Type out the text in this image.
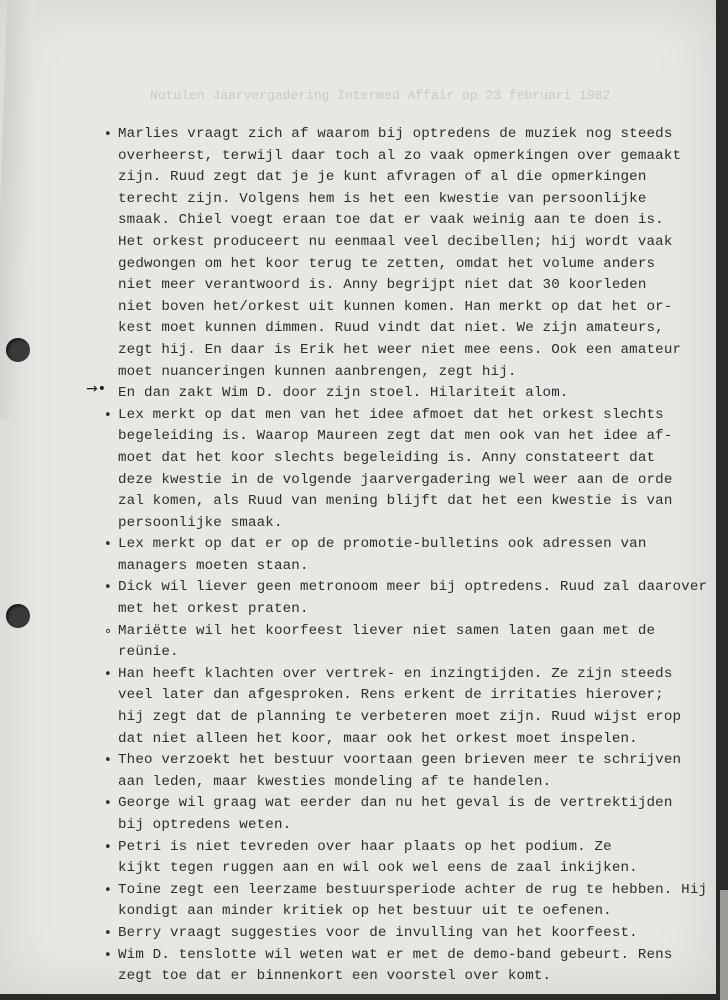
Notulen Jaarvergadering Intermed Affair op 23 februari 1982
→•
• Marlies vraagt zich af waarom bij optredens de muziek nog steeds
overheerst, terwijl daar toch al zo vaak opmerkingen over gemaakt
zijn. Ruud zegt dat je je kunt afvragen of al die opmerkingen
terecht zijn. Volgens hem is het een kwestie van persoonlijke
smaak. Chiel voegt eraan toe dat er vaak weinig aan te doen is.
Het orkest produceert nu eenmaal veel decibellen; hij wordt vaak
gedwongen om het koor terug te zetten, omdat het volume anders
niet meer verantwoord is. Anny begrijpt niet dat 30 koorleden
niet boven het/orkest uit kunnen komen. Han merkt op dat het or-
kest moet kunnen dimmen. Ruud vindt dat niet. We zijn amateurs,
zegt hij. En daar is Erik het weer niet mee eens. Ook een amateur
moet nuanceringen kunnen aanbrengen, zegt hij.
En dan zakt Wim D. door zijn stoel. Hilariteit alom.
• Lex merkt op dat men van het idee afmoet dat het orkest slechts
begeleiding is. Waarop Maureen zegt dat men ook van het idee af-
moet dat het koor slechts begeleiding is. Anny constateert dat
deze kwestie in de volgende jaarvergadering wel weer aan de orde
zal komen, als Ruud van mening blijft dat het een kwestie is van
persoonlijke smaak.
• Lex merkt op dat er op de promotie-bulletins ook adressen van
managers moeten staan.
• Dick wil liever geen metronoom meer bij optredens. Ruud zal daarover
met het orkest praten.
∘ Mariëtte wil het koorfeest liever niet samen laten gaan met de
reünie.
• Han heeft klachten over vertrek- en inzingtijden. Ze zijn steeds
veel later dan afgesproken. Rens erkent de irritaties hierover;
hij zegt dat de planning te verbeteren moet zijn. Ruud wijst erop
dat niet alleen het koor, maar ook het orkest moet inspelen.
• Theo verzoekt het bestuur voortaan geen brieven meer te schrijven
aan leden, maar kwesties mondeling af te handelen.
• George wil graag wat eerder dan nu het geval is de vertrektijden
bij optredens weten.
• Petri is niet tevreden over haar plaats op het podium. Ze
kijkt tegen ruggen aan en wil ook wel eens de zaal inkijken.
• Toine zegt een leerzame bestuursperiode achter de rug te hebben. Hij
kondigt aan minder kritiek op het bestuur uit te oefenen.
• Berry vraagt suggesties voor de invulling van het koorfeest.
• Wim D. tenslotte wil weten wat er met de demo-band gebeurt. Rens
zegt toe dat er binnenkort een voorstel over komt.
